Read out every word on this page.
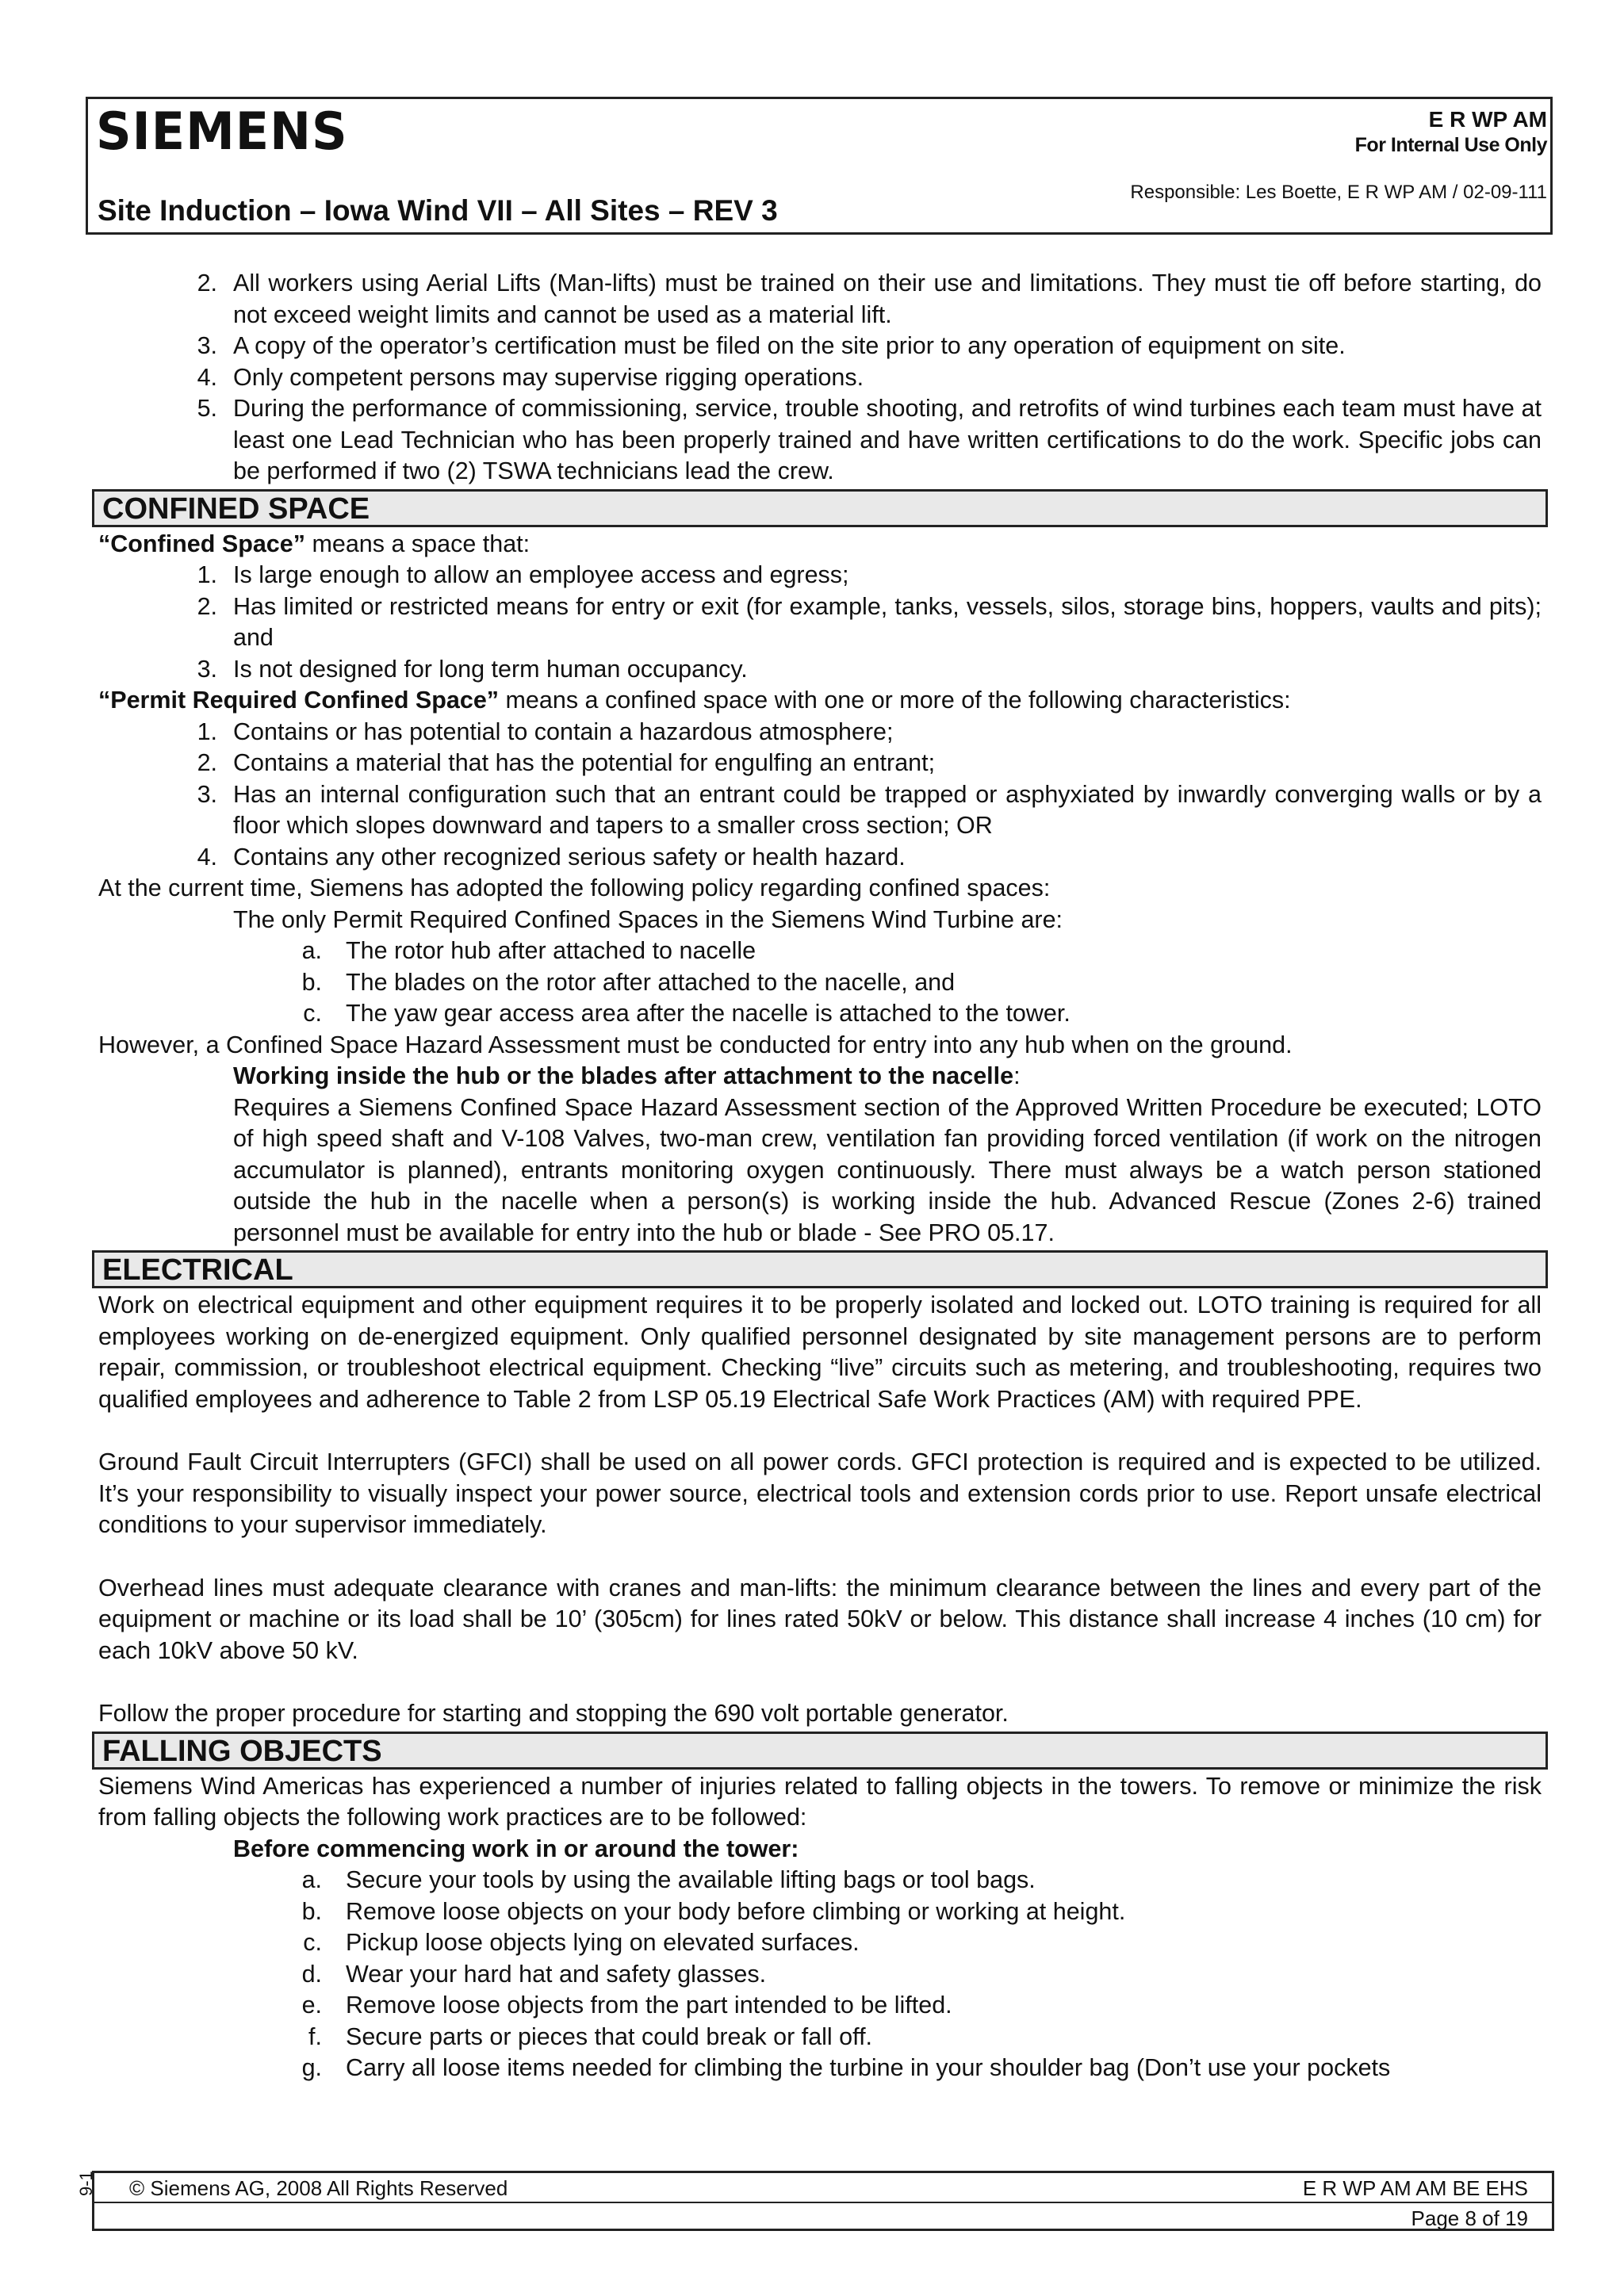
SIEMENS	E R WP AM
For Internal Use Only
Responsible: Les Boette, E R WP AM / 02-09-111
Site Induction – Iowa Wind VII – All Sites – REV 3
2. All workers using Aerial Lifts (Man-lifts) must be trained on their use and limitations. They must tie off before starting, do not exceed weight limits and cannot be used as a material lift.
3. A copy of the operator’s certification must be filed on the site prior to any operation of equipment on site.
4. Only competent persons may supervise rigging operations.
5. During the performance of commissioning, service, trouble shooting, and retrofits of wind turbines each team must have at least one Lead Technician who has been properly trained and have written certifications to do the work. Specific jobs can be performed if two (2) TSWA technicians lead the crew.
CONFINED SPACE
“Confined Space” means a space that:
1. Is large enough to allow an employee access and egress;
2. Has limited or restricted means for entry or exit (for example, tanks, vessels, silos, storage bins, hoppers, vaults and pits); and
3. Is not designed for long term human occupancy.
“Permit Required Confined Space” means a confined space with one or more of the following characteristics:
1. Contains or has potential to contain a hazardous atmosphere;
2. Contains a material that has the potential for engulfing an entrant;
3. Has an internal configuration such that an entrant could be trapped or asphyxiated by inwardly converging walls or by a floor which slopes downward and tapers to a smaller cross section; OR
4. Contains any other recognized serious safety or health hazard.
At the current time, Siemens has adopted the following policy regarding confined spaces:
The only Permit Required Confined Spaces in the Siemens Wind Turbine are:
a. The rotor hub after attached to nacelle
b. The blades on the rotor after attached to the nacelle, and
c. The yaw gear access area after the nacelle is attached to the tower.
However, a Confined Space Hazard Assessment must be conducted for entry into any hub when on the ground.
Working inside the hub or the blades after attachment to the nacelle:
Requires a Siemens Confined Space Hazard Assessment section of the Approved Written Procedure be executed; LOTO of high speed shaft and V-108 Valves, two-man crew, ventilation fan providing forced ventilation (if work on the nitrogen accumulator is planned), entrants monitoring oxygen continuously. There must always be a watch person stationed outside the hub in the nacelle when a person(s) is working inside the hub. Advanced Rescue (Zones 2-6) trained personnel must be available for entry into the hub or blade - See PRO 05.17.
ELECTRICAL
Work on electrical equipment and other equipment requires it to be properly isolated and locked out. LOTO training is required for all employees working on de-energized equipment. Only qualified personnel designated by site management persons are to perform repair, commission, or troubleshoot electrical equipment. Checking “live” circuits such as metering, and troubleshooting, requires two qualified employees and adherence to Table 2 from LSP 05.19 Electrical Safe Work Practices (AM) with required PPE.
Ground Fault Circuit Interrupters (GFCI) shall be used on all power cords. GFCI protection is required and is expected to be utilized. It’s your responsibility to visually inspect your power source, electrical tools and extension cords prior to use. Report unsafe electrical conditions to your supervisor immediately.
Overhead lines must adequate clearance with cranes and man-lifts: the minimum clearance between the lines and every part of the equipment or machine or its load shall be 10’ (305cm) for lines rated 50kV or below. This distance shall increase 4 inches (10 cm) for each 10kV above 50 kV.
Follow the proper procedure for starting and stopping the 690 volt portable generator.
FALLING OBJECTS
Siemens Wind Americas has experienced a number of injuries related to falling objects in the towers. To remove or minimize the risk from falling objects the following work practices are to be followed:
Before commencing work in or around the tower:
a. Secure your tools by using the available lifting bags or tool bags.
b. Remove loose objects on your body before climbing or working at height.
c. Pickup loose objects lying on elevated surfaces.
d. Wear your hard hat and safety glasses.
e. Remove loose objects from the part intended to be lifted.
f. Secure parts or pieces that could break or fall off.
g. Carry all loose items needed for climbing the turbine in your shoulder bag (Don’t use your pockets
© Siemens AG, 2008 All Rights Reserved	E R WP AM AM BE EHS
Page 8 of 19
9-1
